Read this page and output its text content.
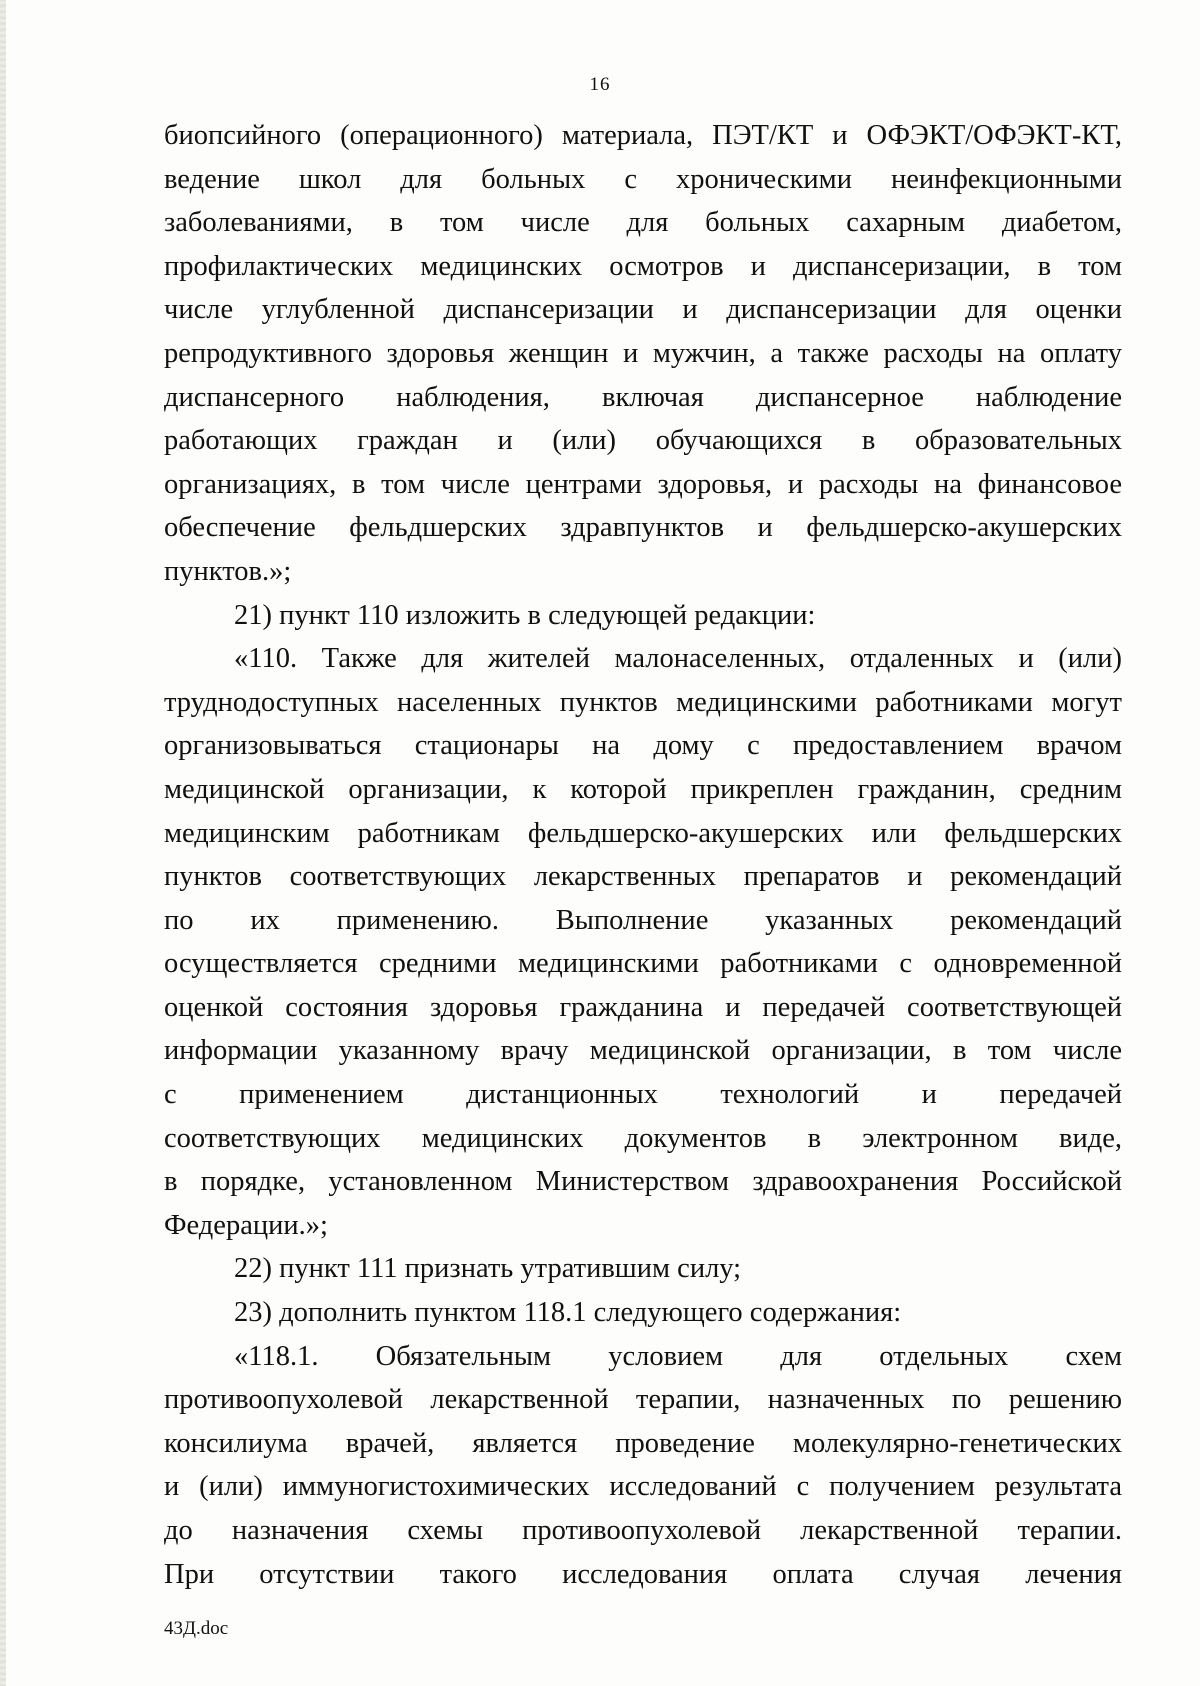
16
биопсийного (операционного) материала, ПЭТ/КТ и ОФЭКТ/ОФЭКТ-КТ,
ведение школ для больных с хроническими неинфекционными
заболеваниями, в том числе для больных сахарным диабетом,
профилактических медицинских осмотров и диспансеризации, в том
числе углубленной диспансеризации и диспансеризации для оценки
репродуктивного здоровья женщин и мужчин, а также расходы на оплату
диспансерного наблюдения, включая диспансерное наблюдение
работающих граждан и (или) обучающихся в образовательных
организациях, в том числе центрами здоровья, и расходы на финансовое
обеспечение фельдшерских здравпунктов и фельдшерско-акушерских
пунктов.»;
21) пункт 110 изложить в следующей редакции:
«110. Также для жителей малонаселенных, отдаленных и (или)
труднодоступных населенных пунктов медицинскими работниками могут
организовываться стационары на дому с предоставлением врачом
медицинской организации, к которой прикреплен гражданин, средним
медицинским работникам фельдшерско-акушерских или фельдшерских
пунктов соответствующих лекарственных препаратов и рекомендаций
по их применению. Выполнение указанных рекомендаций
осуществляется средними медицинскими работниками с одновременной
оценкой состояния здоровья гражданина и передачей соответствующей
информации указанному врачу медицинской организации, в том числе
с применением дистанционных технологий и передачей
соответствующих медицинских документов в электронном виде,
в порядке, установленном Министерством здравоохранения Российской
Федерации.»;
22) пункт 111 признать утратившим силу;
23) дополнить пунктом 118.1 следующего содержания:
«118.1. Обязательным условием для отдельных схем
противоопухолевой лекарственной терапии, назначенных по решению
консилиума врачей, является проведение молекулярно-генетических
и (или) иммуногистохимических исследований с получением результата
до назначения схемы противоопухолевой лекарственной терапии.
При отсутствии такого исследования оплата случая лечения
43Д.doc
